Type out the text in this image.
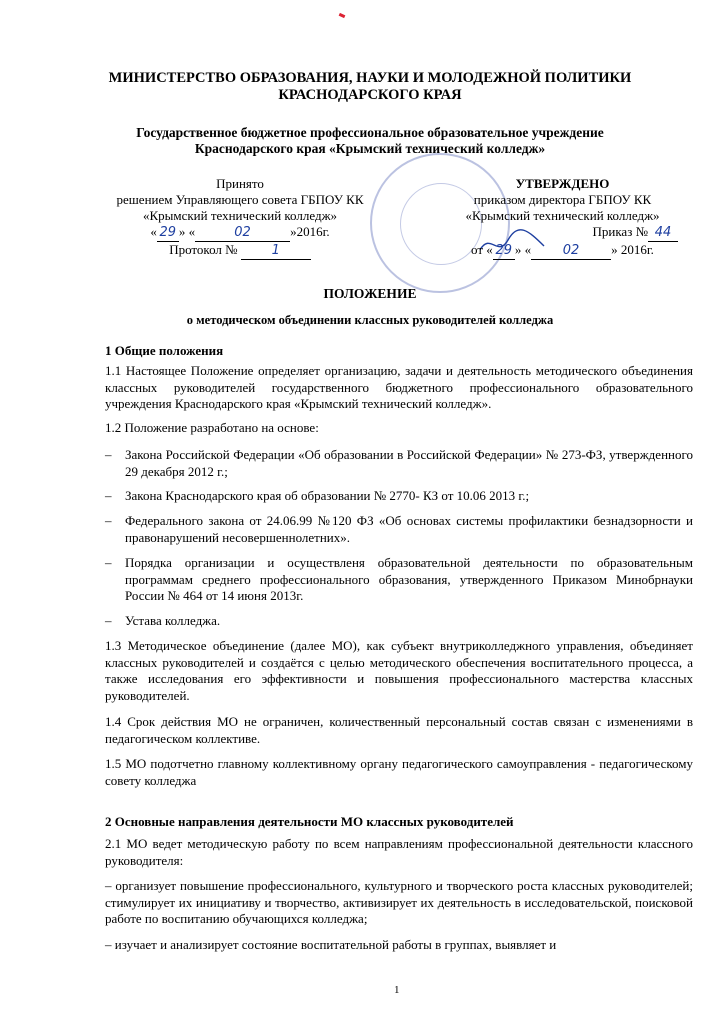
МИНИСТЕРСТВО ОБРАЗОВАНИЯ, НАУКИ И МОЛОДЕЖНОЙ ПОЛИТИКИ
КРАСНОДАРСКОГО КРАЯ
Государственное бюджетное профессиональное образовательное учреждение
Краснодарского края «Крымский технический колледж»
Принято
решением Управляющего совета ГБПОУ КК
«Крымский технический колледж»
« 29 » «	02	»2016г.
Протокол №	1
УТВЕРЖДЕНО
приказом директора ГБПОУ КК
«Крымский технический колледж»
Приказ № 44
от « 29 » « 02 » 2016г.
ПОЛОЖЕНИЕ
о методическом объединении классных руководителей колледжа
1 Общие положения
1.1 Настоящее Положение определяет организацию, задачи и деятельность методического объединения классных руководителей государственного бюджетного профессионального образовательного учреждения Краснодарского края «Крымский технический колледж».
1.2 Положение разработано на основе:
– Закона Российской Федерации «Об образовании в Российской Федерации» № 273-ФЗ, утвержденного 29 декабря 2012 г.;
– Закона Краснодарского края об образовании № 2770- КЗ от 10.06 2013 г.;
– Федерального закона от 24.06.99 №120 ФЗ «Об основах системы профилактики безнадзорности и правонарушений несовершеннолетних».
– Порядка организации и осуществленя образовательной деятельности по образовательным программам среднего профессионального образования, утвержденного Приказом Минобрнауки России № 464 от 14 июня 2013г.
– Устава колледжа.
1.3 Методическое объединение (далее МО), как субъект внутриколледжного управления, объединяет классных руководителей и создаётся с целью методического обеспечения воспитательного процесса, а также исследования его эффективности и повышения профессионального мастерства классных руководителей.
1.4 Срок действия МО не ограничен, количественный персональный состав связан с изменениями в педагогическом коллективе.
1.5 МО подотчетно главному коллективному органу педагогического самоуправления - педагогическому совету колледжа
2 Основные направления деятельности МО классных руководителей
2.1 МО ведет методическую работу по всем направлениям профессиональной деятельности классного руководителя:
– организует повышение профессионального, культурного и творческого роста классных руководителей; стимулирует их инициативу и творчество, активизирует их деятельность в исследовательской, поисковой работе по воспитанию обучающихся колледжа;
– изучает и анализирует состояние воспитательной работы в группах, выявляет и
1
